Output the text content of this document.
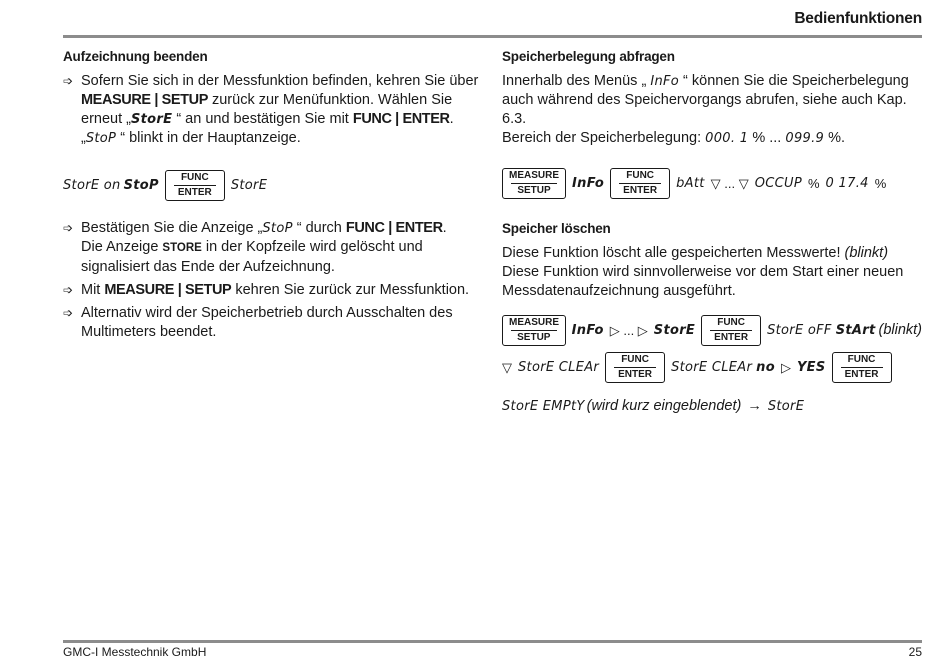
Bedienfunktionen
Aufzeichnung beenden
➩ Sofern Sie sich in der Messfunktion befinden, kehren Sie über MEASURE | SETUP zurück zur Menüfunktion. Wählen Sie erneut „StorE “ an und bestätigen Sie mit FUNC | ENTER. „StoP “ blinkt in der Hauptanzeige.

StorE on StoP
FUNC
ENTER	StorE
➩ Bestätigen Sie die Anzeige „StoP “ durch FUNC | ENTER.
Die Anzeige STORE in der Kopfzeile wird gelöscht und signalisiert das Ende der Aufzeichnung.

➩ Mit MEASURE | SETUP kehren Sie zurück zur Messfunktion.

➩ Alternativ wird der Speicherbetrieb durch Ausschalten des Multimeters beendet.

Speicherbelegung abfragen

Innerhalb des Menüs „ InFo “ können Sie die Speicherbelegung auch während des Speichervorgangs abrufen, siehe auch Kap. 6.3.

Bereich der Speicherbelegung: 000. 1 % ... 099.9 %.

MEASURE
SETUP	InFo
FUNC
ENTER	bAtt ▽ ... ▽ OCCUP % 0 17.4 %
Speicher löschen

Diese Funktion löscht alle gespeicherten Messwerte! (blinkt)

Diese Funktion wird sinnvollerweise vor dem Start einer neuen Messdatenaufzeichnung ausgeführt.

MEASURE
SETUP	InFo ▷ ... ▷ StorE
FUNC
ENTER	StorE oFF StArt (blinkt)
▽ StorE CLEAr
FUNC
ENTER	StorE CLEAr no ▷ YES
FUNC
ENTER
StorE EMPtY (wird kurz eingeblendet) → StorE
GMC-I Messtechnik GmbH	25
